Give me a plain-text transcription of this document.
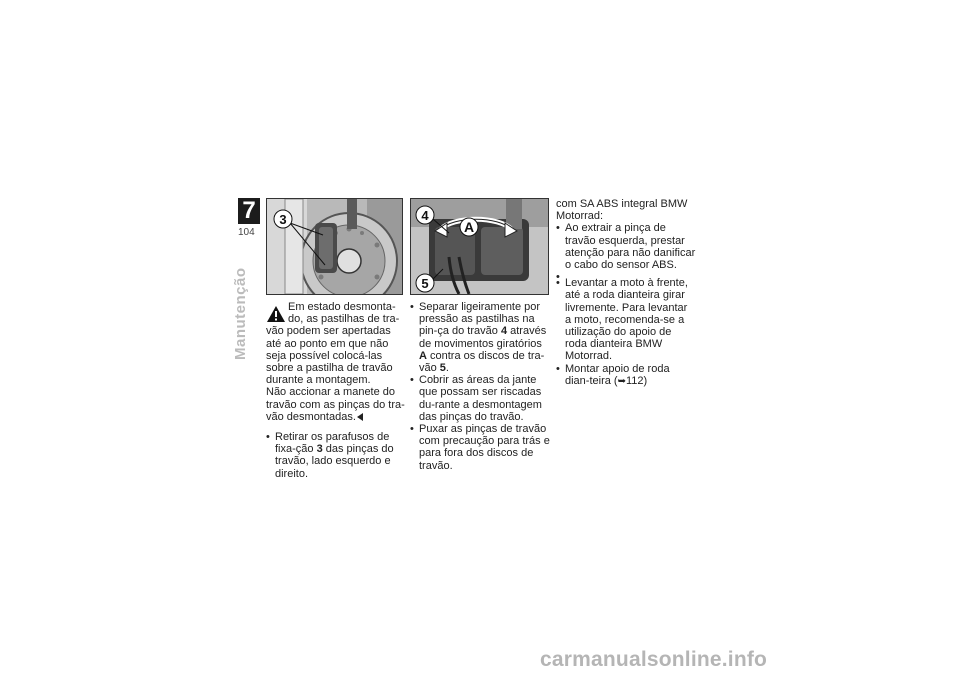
7
104
Manutenção
3	A
4
5

Em estado desmonta-

do, as pastilhas de tra-

vão podem ser apertadas até ao ponto em que não seja possível colocá-las sobre a pastilha de travão durante a montagem.

Não accionar a manete do travão com as pinças do tra-vão desmontadas.

• Retirar os parafusos de fixa-ção 3 das pinças do travão, lado esquerdo e direito.
• Separar ligeiramente por pressão as pastilhas na pin-ça do travão 4 através de movimentos giratórios A contra os discos de tra-vão 5.
• Cobrir as áreas da jante que possam ser riscadas du-rante a desmontagem das pinças do travão.
• Puxar as pinças de travão com precaução para trás e para fora dos discos de travão.

com SA ABS integral BMW Motorrad:

• Ao extrair a pinça de travão esquerda, prestar atenção para não danificar o cabo do sensor ABS.
•
• Levantar a moto à frente, até a roda dianteira girar livremente. Para levantar a moto, recomenda-se a utilização do apoio de roda dianteira BMW Motorrad.
• Montar apoio de roda dian-teira (➥112)
carmanualsonline.info
